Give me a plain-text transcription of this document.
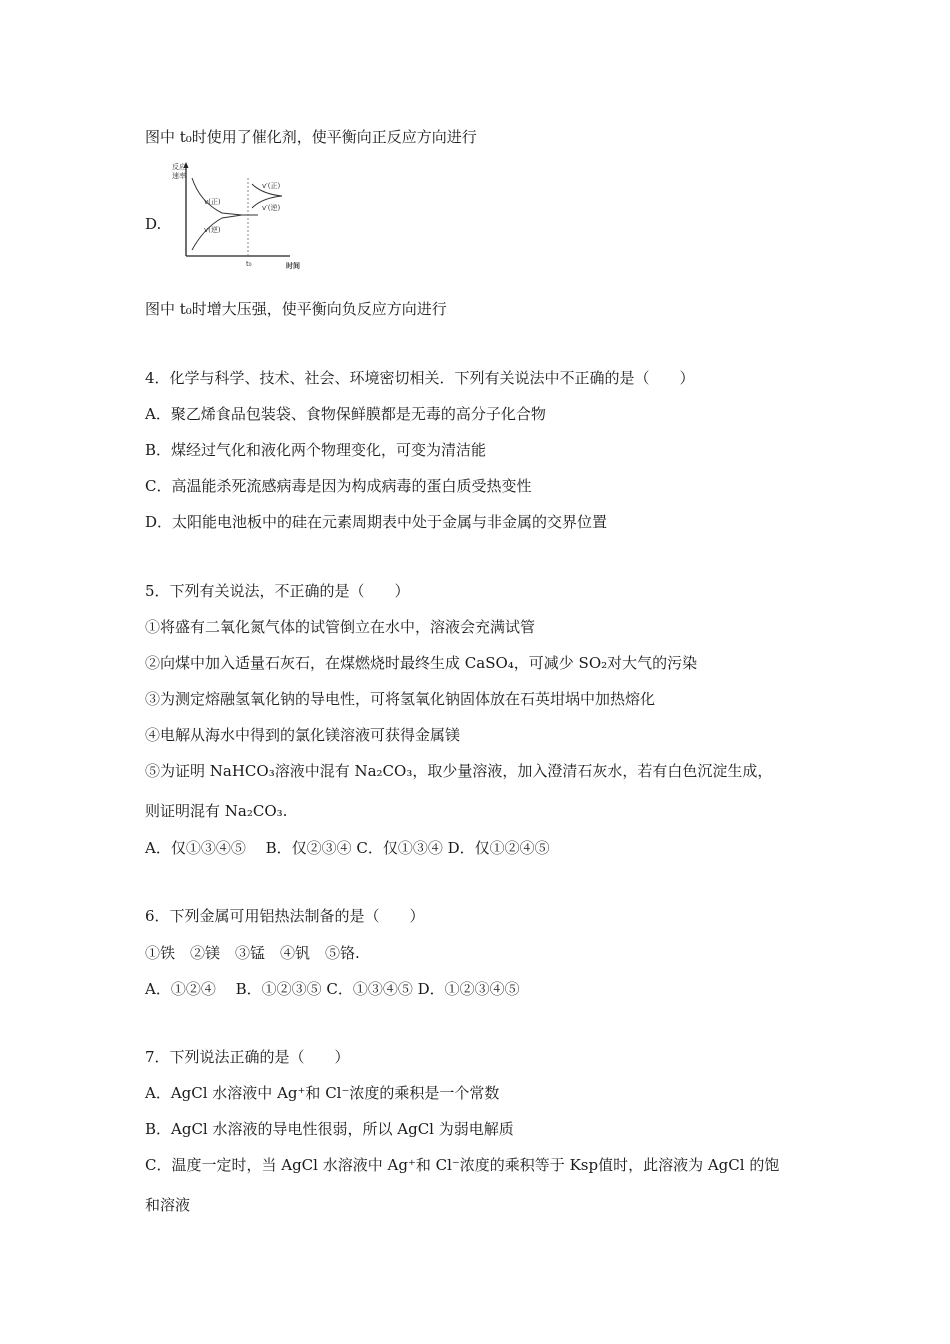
图中 t₀时使用了催化剂，使平衡向正反应方向进行
D.
反应
速率
时间
v(正)
v(逆)
t₀
v′(正)
v′(逆)
图中 t₀时增大压强，使平衡向负反应方向进行
4．化学与科学、技术、社会、环境密切相关．下列有关说法中不正确的是（　　）
A．聚乙烯食品包装袋、食物保鲜膜都是无毒的高分子化合物
B．煤经过气化和液化两个物理变化，可变为清洁能
C．高温能杀死流感病毒是因为构成病毒的蛋白质受热变性
D．太阳能电池板中的硅在元素周期表中处于金属与非金属的交界位置
5．下列有关说法，不正确的是（　　）
①将盛有二氧化氮气体的试管倒立在水中，溶液会充满试管
②向煤中加入适量石灰石，在煤燃烧时最终生成 CaSO₄，可减少 SO₂对大气的污染
③为测定熔融氢氧化钠的导电性，可将氢氧化钠固体放在石英坩埚中加热熔化
④电解从海水中得到的氯化镁溶液可获得金属镁
⑤为证明 NaHCO₃溶液中混有 Na₂CO₃，取少量溶液，加入澄清石灰水，若有白色沉淀生成，
则证明混有 Na₂CO₃.
A．仅①③④⑤　 B．仅②③④ C．仅①③④ D．仅①②④⑤
6．下列金属可用铝热法制备的是（　　）
①铁　②镁　③锰　④钒　⑤铬.
A．①②④　 B．①②③⑤ C．①③④⑤ D．①②③④⑤
7．下列说法正确的是（　　）
A．AgCl 水溶液中 Ag⁺和 Cl⁻浓度的乘积是一个常数
B．AgCl 水溶液的导电性很弱，所以 AgCl 为弱电解质
C．温度一定时，当 AgCl 水溶液中 Ag⁺和 Cl⁻浓度的乘积等于 Ksp值时，此溶液为 AgCl 的饱
和溶液
